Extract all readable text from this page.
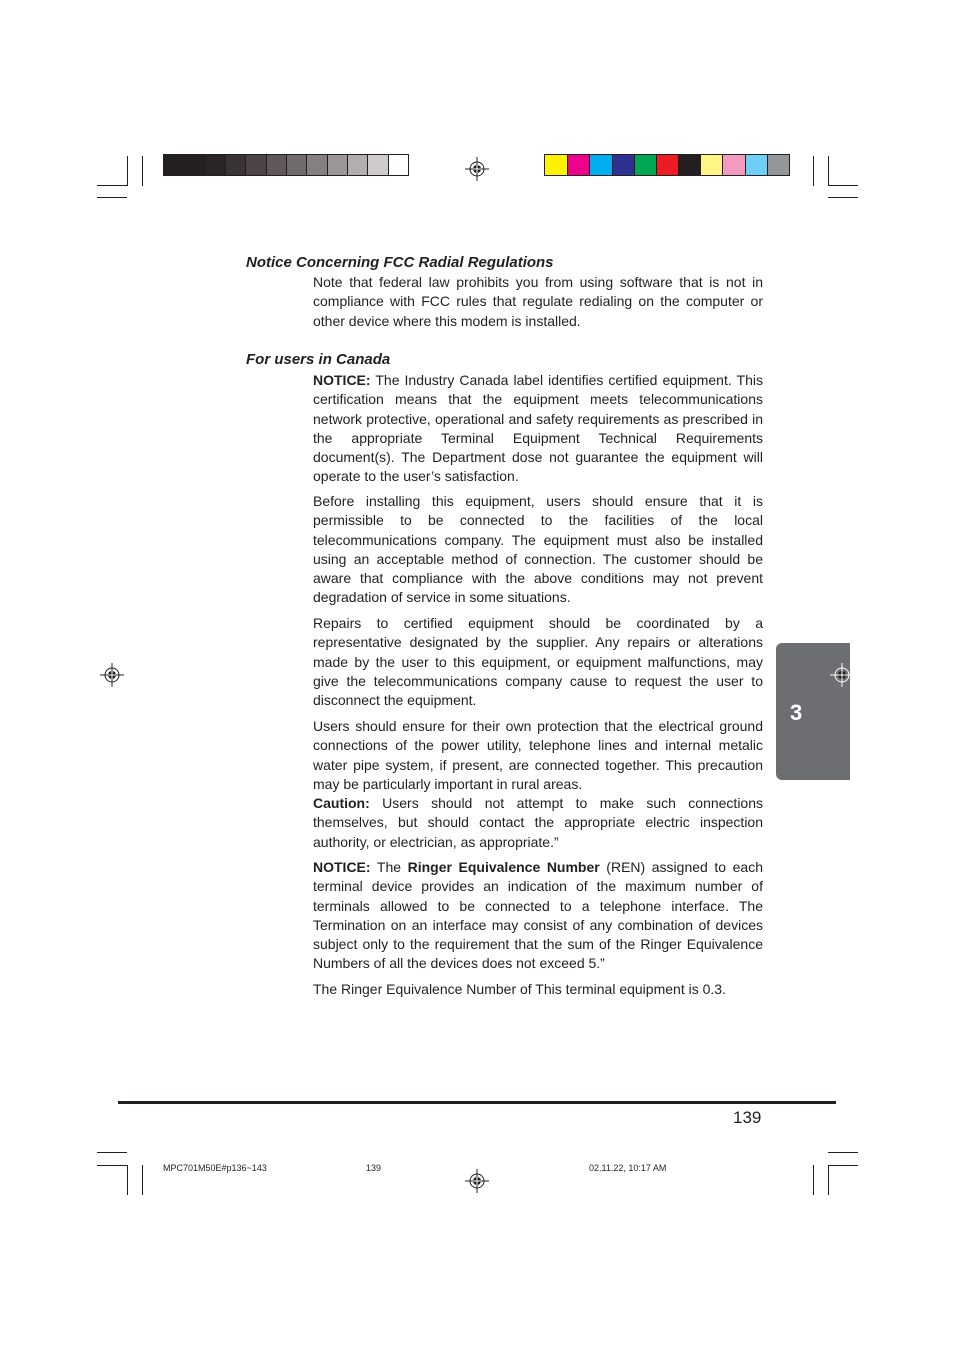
3
Notice Concerning FCC Radial Regulations
Note that federal law prohibits you from using software that is not in compliance with FCC rules that regulate redialing on the computer or other device where this modem is installed.
For users in Canada
NOTICE: The Industry Canada label identifies certified equipment. This certification means that the equipment meets telecommunications network protective, operational and safety requirements as prescribed in the appropriate Terminal Equipment Technical Requirements document(s). The Department dose not guarantee the equipment will operate to the user’s satisfaction.
Before installing this equipment, users should ensure that it is permissible to be connected to the facilities of the local telecommunications company. The equipment must also be installed using an acceptable method of connection. The customer should be aware that compliance with the above conditions may not prevent degradation of service in some situations.
Repairs to certified equipment should be coordinated by a representative designated by the supplier. Any repairs or alterations made by the user to this equipment, or equipment malfunctions, may give the telecommunications company cause to request the user to disconnect the equipment.
Users should ensure for their own protection that the electrical ground connections of the power utility, telephone lines and internal metalic water pipe system, if present, are connected together. This precaution may be particularly important in rural areas.
Caution: Users should not attempt to make such connections themselves, but should contact the appropriate electric inspection authority, or electrician, as appropriate.”
NOTICE: The Ringer Equivalence Number (REN) assigned to each terminal device provides an indication of the maximum number of terminals allowed to be connected to a telephone interface. The Termination on an interface may consist of any combination of devices subject only to the requirement that the sum of the Ringer Equivalence Numbers of all the devices does not exceed 5.”
The Ringer Equivalence Number of This terminal equipment is 0.3.
139
MPC701M50E#p136~143	139	02.11.22, 10:17 AM
